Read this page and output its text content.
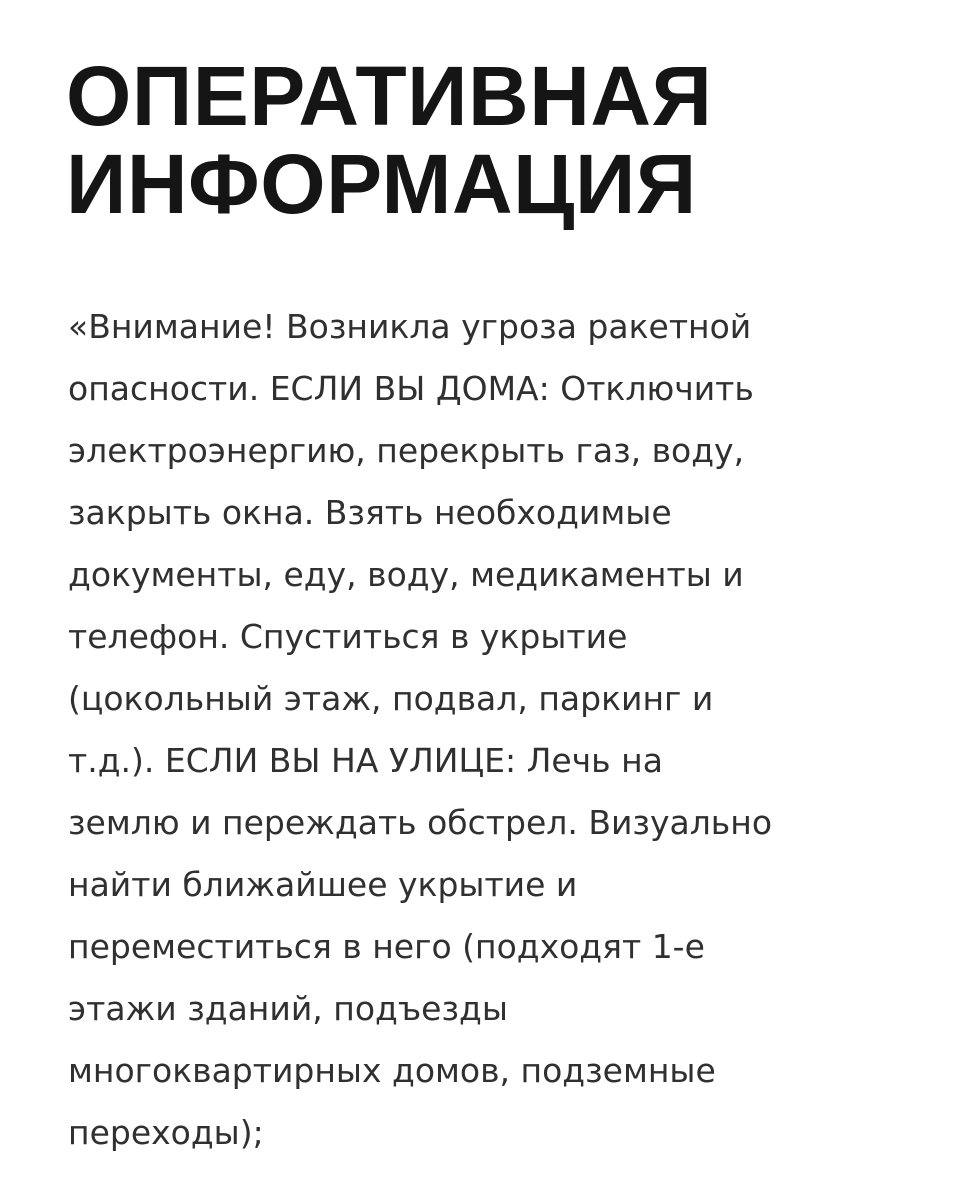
ОПЕРАТИВНАЯ
ИНФОРМАЦИЯ

«Внимание! Возникла угроза ракетной
опасности. ЕСЛИ ВЫ ДОМА: Отключить
электроэнергию, перекрыть газ, воду,
закрыть окна. Взять необходимые
документы, еду, воду, медикаменты и
телефон. Спуститься в укрытие
(цокольный этаж, подвал, паркинг и
т.д.). ЕСЛИ ВЫ НА УЛИЦЕ: Лечь на
землю и переждать обстрел. Визуально
найти ближайшее укрытие и
переместиться в него (подходят 1-е
этажи зданий, подъезды
многоквартирных домов, подземные
переходы);
